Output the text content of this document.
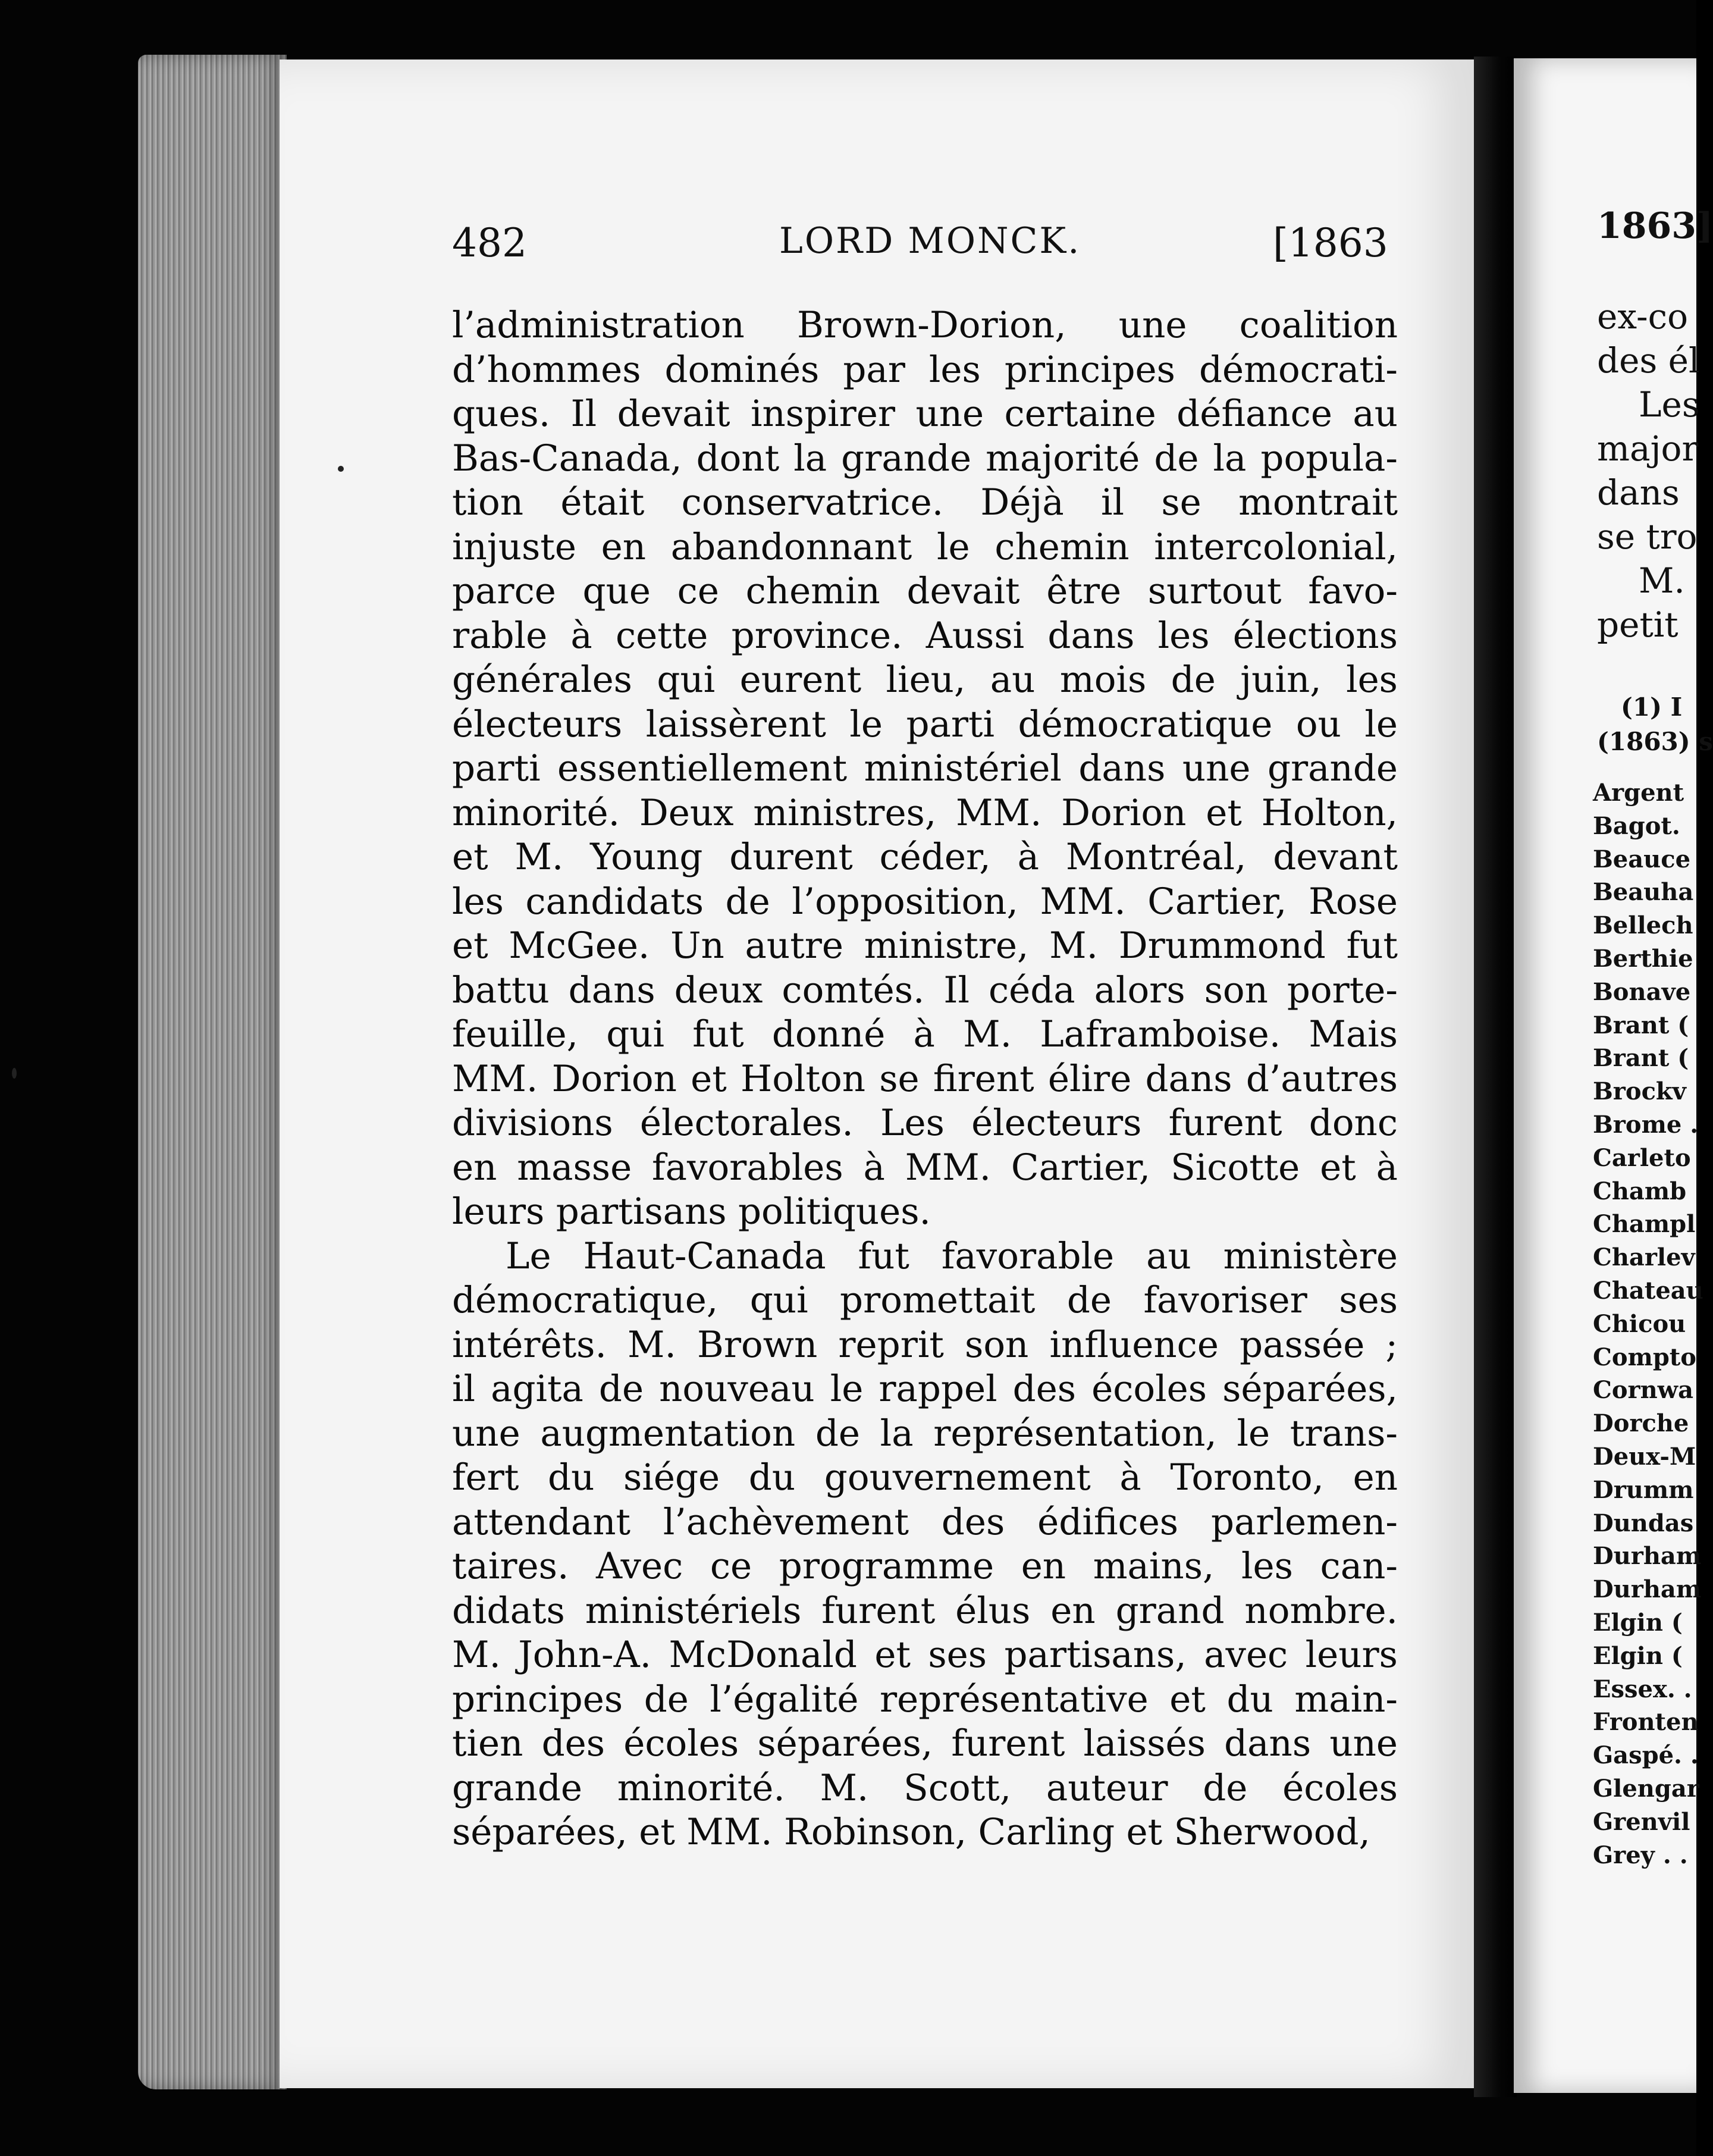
482	LORD MONCK.	[1863
l’administration Brown-Dorion, une coalition
d’hommes dominés par les principes démocrati-
ques. Il devait inspirer une certaine défiance au
Bas-Canada, dont la grande majorité de la popula-
tion était conservatrice. Déjà il se montrait
injuste en abandonnant le chemin intercolonial,
parce que ce chemin devait être surtout favo-
rable à cette province. Aussi dans les élections
générales qui eurent lieu, au mois de juin, les
électeurs laissèrent le parti démocratique ou le
parti essentiellement ministériel dans une grande
minorité. Deux ministres, MM. Dorion et Holton,
et M. Young durent céder, à Montréal, devant
les candidats de l’opposition, MM. Cartier, Rose
et McGee. Un autre ministre, M. Drummond fut
battu dans deux comtés. Il céda alors son porte-
feuille, qui fut donné à M. Laframboise. Mais
MM. Dorion et Holton se firent élire dans d’autres
divisions électorales. Les électeurs furent donc
en masse favorables à MM. Cartier, Sicotte et à
leurs partisans politiques.
Le Haut-Canada fut favorable au ministère
démocratique, qui promettait de favoriser ses
intérêts. M. Brown reprit son influence passée ;
il agita de nouveau le rappel des écoles séparées,
une augmentation de la représentation, le trans-
fert du siége du gouvernement à Toronto, en
attendant l’achèvement des édifices parlemen-
taires. Avec ce programme en mains, les can-
didats ministériels furent élus en grand nombre.
M. John-A. McDonald et ses partisans, avec leurs
principes de l’égalité représentative et du main-
tien des écoles séparées, furent laissés dans une
grande minorité. M. Scott, auteur de écoles
séparées, et MM. Robinson, Carling et Sherwood,
1863]
ex-co
des él
Les
major
dans
se tro
M.
petit
(1) I
(1863) s
Argent
Bagot.
Beauce
Beauha
Bellech
Berthie
Bonave
Brant (
Brant (
Brockv
Brome .
Carleto
Chamb
Champl
Charlev
Chateau
Chicou
Compto
Cornwa
Dorche
Deux-M
Drumm
Dundas
Durham
Durham
Elgin (
Elgin (
Essex. .
Fronten
Gaspé. .
Glengar
Grenvil
Grey . .
